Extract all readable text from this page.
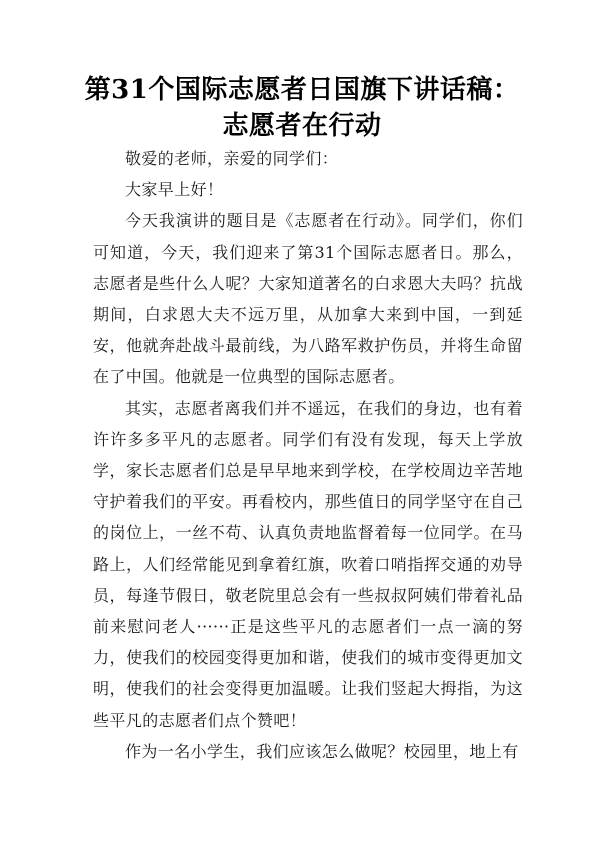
第31个国际志愿者日国旗下讲话稿：志愿者在行动

敬爱的老师，亲爱的同学们：

大家早上好！

今天我演讲的题目是《志愿者在行动》。同学们，你们可知道，今天，我们迎来了第31个国际志愿者日。那么，志愿者是些什么人呢？大家知道著名的白求恩大夫吗？抗战期间，白求恩大夫不远万里，从加拿大来到中国，一到延安，他就奔赴战斗最前线，为八路军救护伤员，并将生命留在了中国。他就是一位典型的国际志愿者。

其实，志愿者离我们并不遥远，在我们的身边，也有着许许多多平凡的志愿者。同学们有没有发现，每天上学放学，家长志愿者们总是早早地来到学校，在学校周边辛苦地守护着我们的平安。再看校内，那些值日的同学坚守在自己的岗位上，一丝不苟、认真负责地监督着每一位同学。在马路上，人们经常能见到拿着红旗，吹着口哨指挥交通的劝导员，每逢节假日，敬老院里总会有一些叔叔阿姨们带着礼品前来慰问老人······正是这些平凡的志愿者们一点一滴的努力，使我们的校园变得更加和谐，使我们的城市变得更加文明，使我们的社会变得更加温暖。让我们竖起大拇指，为这些平凡的志愿者们点个赞吧！

作为一名小学生，我们应该怎么做呢？校园里，地上有
